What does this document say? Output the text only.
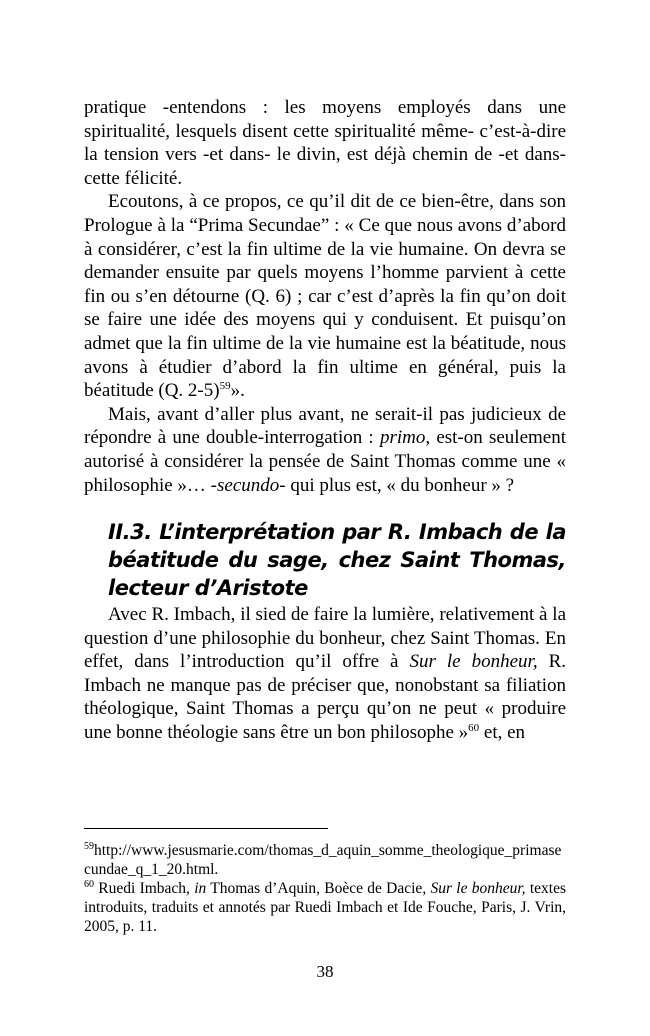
pratique -entendons : les moyens employés dans une spiritualité, lesquels disent cette spiritualité même- c’est-à-dire la tension vers -et dans- le divin, est déjà chemin de -et dans- cette félicité.

Ecoutons, à ce propos, ce qu’il dit de ce bien-être, dans son Prologue à la “Prima Secundae” : « Ce que nous avons d’abord à considérer, c’est la fin ultime de la vie humaine. On devra se demander ensuite par quels moyens l’homme parvient à cette fin ou s’en détourne (Q. 6) ; car c’est d’après la fin qu’on doit se faire une idée des moyens qui y conduisent. Et puisqu’on admet que la fin ultime de la vie humaine est la béatitude, nous avons à étudier d’abord la fin ultime en général, puis la béatitude (Q. 2-5)$^{59}$».

Mais, avant d’aller plus avant, ne serait-il pas judicieux de répondre à une double-interrogation : primo, est-on seulement autorisé à considérer la pensée de Saint Thomas comme une « philosophie »… -secundo- qui plus est, « du bonheur » ?

II.3. L’interprétation par R. Imbach de la
béatitude du sage, chez Saint Thomas,
lecteur d’Aristote

Avec R. Imbach, il sied de faire la lumière, relativement à la question d’une philosophie du bonheur, chez Saint Thomas. En effet, dans l’introduction qu’il offre à Sur le bonheur, R. Imbach ne manque pas de préciser que, nonobstant sa filiation théologique, Saint Thomas a perçu qu’on ne peut « produire une bonne théologie sans être un bon philosophe »$^{60}$ et, en

$^{59}$http://www.jesusmarie.com/thomas_d_aquin_somme_theologique_primasecundae_q_1_20.html.

$^{60}$ Ruedi Imbach, in Thomas d’Aquin, Boèce de Dacie, Sur le bonheur, textes introduits, traduits et annotés par Ruedi Imbach et Ide Fouche, Paris, J. Vrin, 2005, p. 11.

38
